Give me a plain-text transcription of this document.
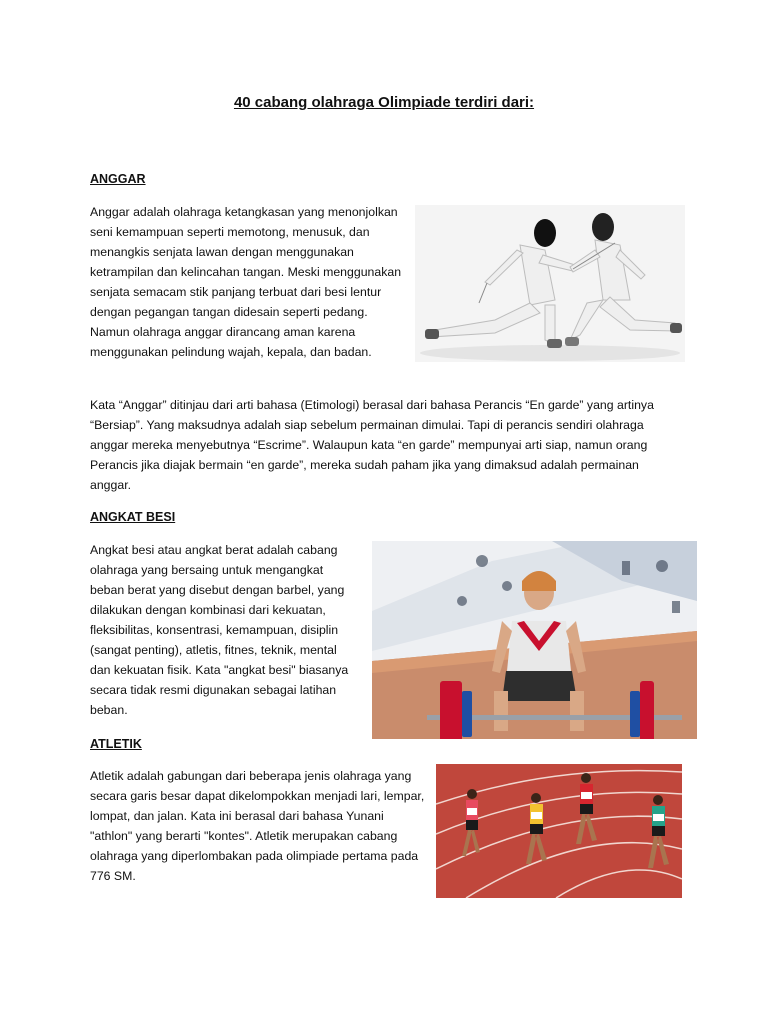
40 cabang olahraga Olimpiade terdiri dari:
ANGGAR

Anggar adalah olahraga ketangkasan yang menonjolkan seni kemampuan seperti memotong, menusuk, dan menangkis senjata lawan dengan menggunakan ketrampilan dan kelincahan tangan. Meski menggunakan senjata semacam stik panjang terbuat dari besi lentur dengan pegangan tangan didesain seperti pedang. Namun olahraga anggar dirancang aman karena menggunakan pelindung wajah, kepala, dan badan.

Kata “Anggar” ditinjau dari arti bahasa (Etimologi) berasal dari bahasa Perancis “En garde” yang artinya “Bersiap”. Yang maksudnya adalah siap sebelum permainan dimulai. Tapi di perancis sendiri olahraga anggar mereka menyebutnya “Escrime”. Walaupun kata “en garde” mempunyai arti siap, namun orang Perancis jika diajak bermain “en garde”, mereka sudah paham jika yang dimaksud adalah permainan anggar.

ANGKAT BESI

Angkat besi atau angkat berat adalah cabang olahraga yang bersaing untuk mengangkat beban berat yang disebut dengan barbel, yang dilakukan dengan kombinasi dari kekuatan, fleksibilitas, konsentrasi, kemampuan, disiplin (sangat penting), atletis, fitnes, teknik, mental dan kekuatan fisik. Kata "angkat besi" biasanya secara tidak resmi digunakan sebagai latihan beban.

ATLETIK

Atletik adalah gabungan dari beberapa jenis olahraga yang secara garis besar dapat dikelompokkan menjadi lari, lempar, lompat, dan jalan. Kata ini berasal dari bahasa Yunani "athlon" yang berarti "kontes". Atletik merupakan cabang olahraga yang diperlombakan pada olimpiade pertama pada 776 SM.
